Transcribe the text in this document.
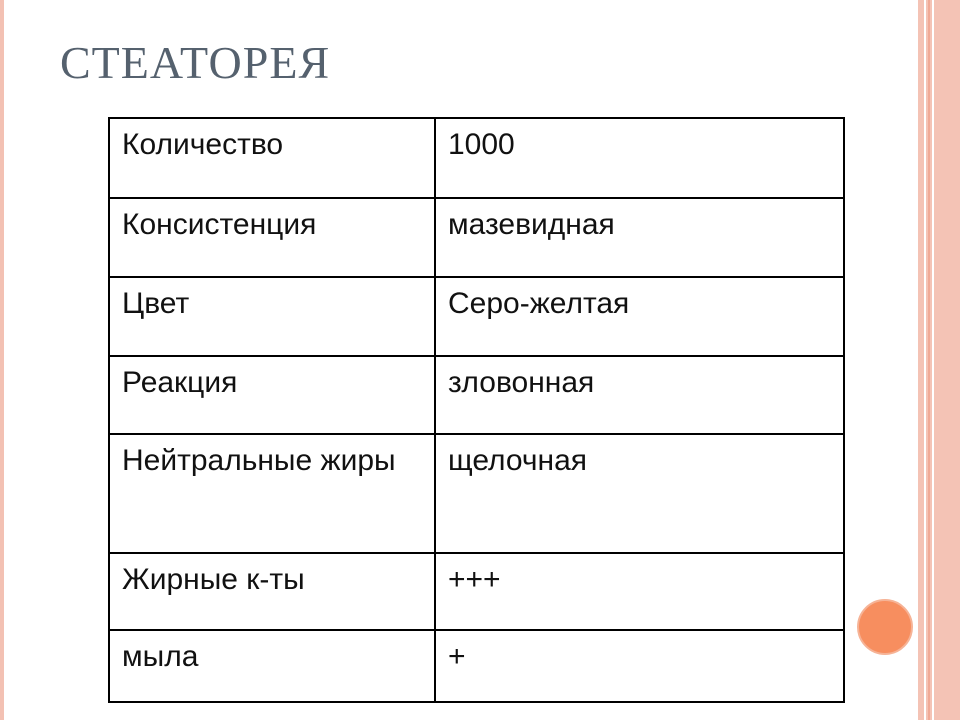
СТЕАТОРЕЯ
Количество	1000
Консистенция	мазевидная
Цвет	Серо-желтая
Реакция	зловонная
Нейтральные жиры	щелочная
Жирные к-ты	+++
мыла	+
